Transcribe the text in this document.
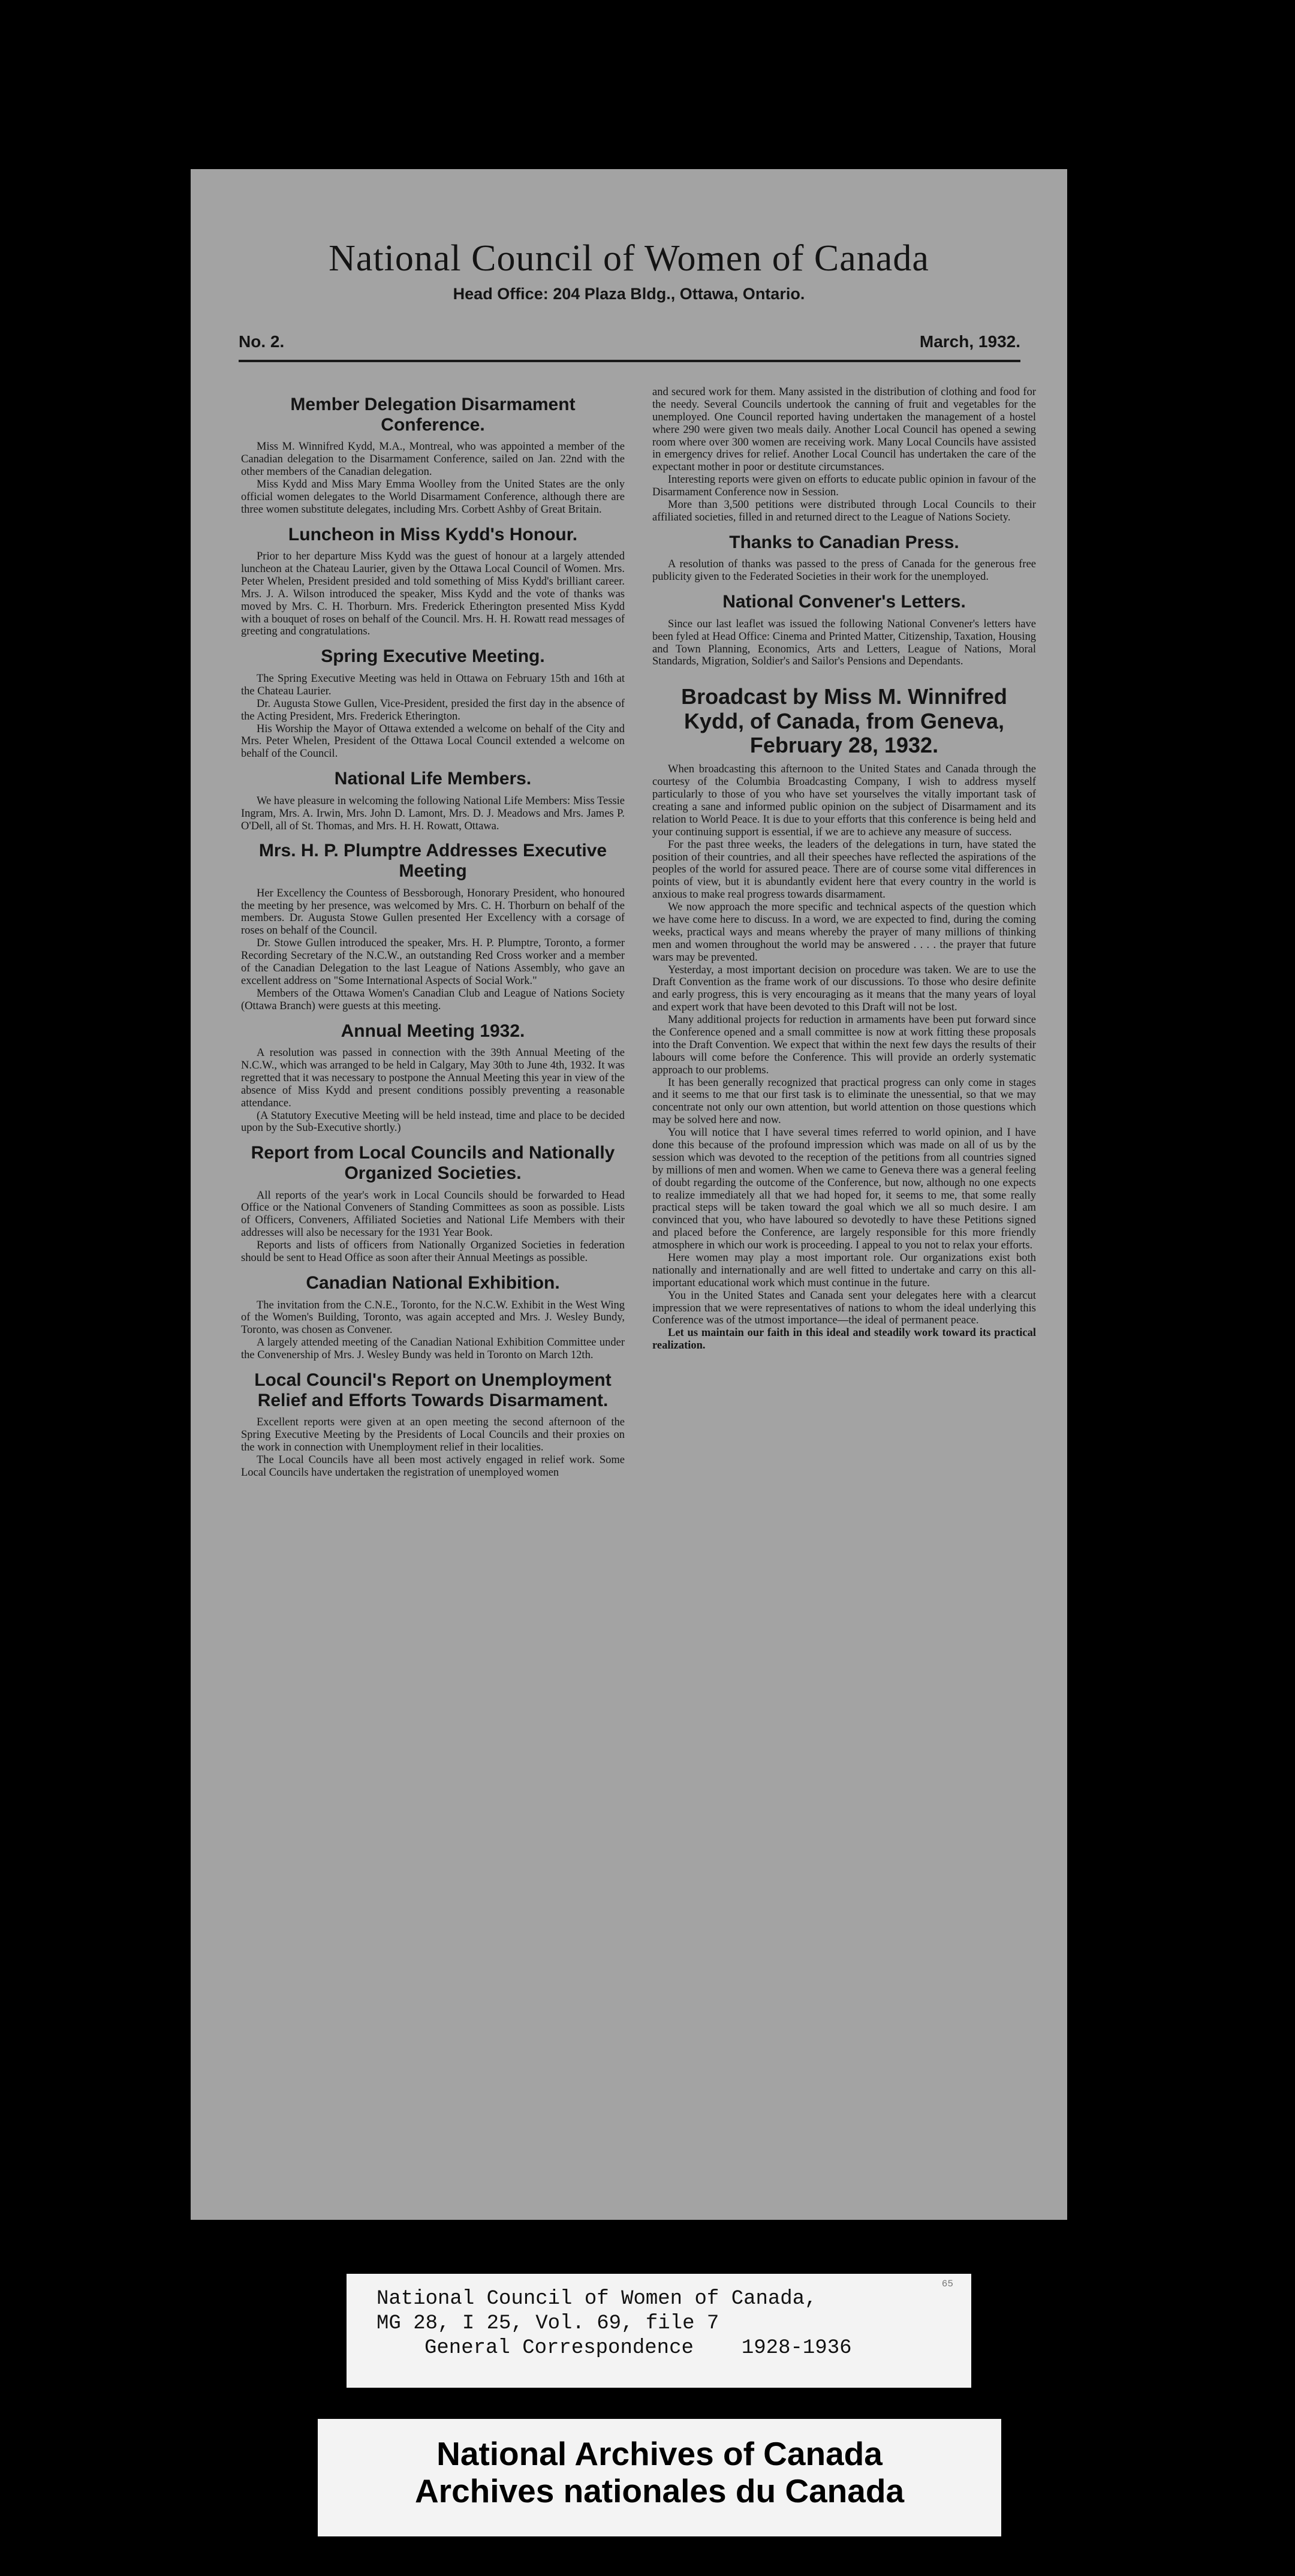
National Council of Women of Canada
Head Office: 204 Plaza Bldg., Ottawa, Ontario.
No. 2.	March, 1932.
Member Delegation Disarmament Conference.

Miss M. Winnifred Kydd, M.A., Montreal, who was appointed a member of the Canadian delegation to the Disarmament Conference, sailed on Jan. 22nd with the other members of the Canadian delegation.

Miss Kydd and Miss Mary Emma Woolley from the United States are the only official women delegates to the World Disarmament Conference, although there are three women substitute delegates, including Mrs. Corbett Ashby of Great Britain.

Luncheon in Miss Kydd's Honour.

Prior to her departure Miss Kydd was the guest of honour at a largely attended luncheon at the Chateau Laurier, given by the Ottawa Local Council of Women. Mrs. Peter Whelen, President presided and told something of Miss Kydd's brilliant career. Mrs. J. A. Wilson introduced the speaker, Miss Kydd and the vote of thanks was moved by Mrs. C. H. Thorburn. Mrs. Frederick Etherington presented Miss Kydd with a bouquet of roses on behalf of the Council. Mrs. H. H. Rowatt read messages of greeting and congratulations.

Spring Executive Meeting.

The Spring Executive Meeting was held in Ottawa on February 15th and 16th at the Chateau Laurier.

Dr. Augusta Stowe Gullen, Vice-President, presided the first day in the absence of the Acting President, Mrs. Frederick Etherington.

His Worship the Mayor of Ottawa extended a welcome on behalf of the City and Mrs. Peter Whelen, President of the Ottawa Local Council extended a welcome on behalf of the Council.

National Life Members.

We have pleasure in welcoming the following National Life Members: Miss Tessie Ingram, Mrs. A. Irwin, Mrs. John D. Lamont, Mrs. D. J. Meadows and Mrs. James P. O'Dell, all of St. Thomas, and Mrs. H. H. Rowatt, Ottawa.

Mrs. H. P. Plumptre Addresses Executive Meeting

Her Excellency the Countess of Bessborough, Honorary President, who honoured the meeting by her presence, was welcomed by Mrs. C. H. Thorburn on behalf of the members. Dr. Augusta Stowe Gullen presented Her Excellency with a corsage of roses on behalf of the Council.

Dr. Stowe Gullen introduced the speaker, Mrs. H. P. Plumptre, Toronto, a former Recording Secretary of the N.C.W., an outstanding Red Cross worker and a member of the Canadian Delegation to the last League of Nations Assembly, who gave an excellent address on "Some International Aspects of Social Work."

Members of the Ottawa Women's Canadian Club and League of Nations Society (Ottawa Branch) were guests at this meeting.

Annual Meeting 1932.

A resolution was passed in connection with the 39th Annual Meeting of the N.C.W., which was arranged to be held in Calgary, May 30th to June 4th, 1932. It was regretted that it was necessary to postpone the Annual Meeting this year in view of the absence of Miss Kydd and present conditions possibly preventing a reasonable attendance.

(A Statutory Executive Meeting will be held instead, time and place to be decided upon by the Sub-Executive shortly.)

Report from Local Councils and Nationally Organized Societies.

All reports of the year's work in Local Councils should be forwarded to Head Office or the National Conveners of Standing Committees as soon as possible. Lists of Officers, Conveners, Affiliated Societies and National Life Members with their addresses will also be necessary for the 1931 Year Book.

Reports and lists of officers from Nationally Organized Societies in federation should be sent to Head Office as soon after their Annual Meetings as possible.

Canadian National Exhibition.

The invitation from the C.N.E., Toronto, for the N.C.W. Exhibit in the West Wing of the Women's Building, Toronto, was again accepted and Mrs. J. Wesley Bundy, Toronto, was chosen as Convener.

A largely attended meeting of the Canadian National Exhibition Committee under the Convenership of Mrs. J. Wesley Bundy was held in Toronto on March 12th.

Local Council's Report on Unemployment Relief and Efforts Towards Disarmament.

Excellent reports were given at an open meeting the second afternoon of the Spring Executive Meeting by the Presidents of Local Councils and their proxies on the work in connection with Unemployment relief in their localities.

The Local Councils have all been most actively engaged in relief work. Some Local Councils have undertaken the registration of unemployed women

and secured work for them. Many assisted in the distribution of clothing and food for the needy. Several Councils undertook the canning of fruit and vegetables for the unemployed. One Council reported having undertaken the management of a hostel where 290 were given two meals daily. Another Local Council has opened a sewing room where over 300 women are receiving work. Many Local Councils have assisted in emergency drives for relief. Another Local Council has undertaken the care of the expectant mother in poor or destitute circumstances.

Interesting reports were given on efforts to educate public opinion in favour of the Disarmament Conference now in Session.

More than 3,500 petitions were distributed through Local Councils to their affiliated societies, filled in and returned direct to the League of Nations Society.

Thanks to Canadian Press.

A resolution of thanks was passed to the press of Canada for the generous free publicity given to the Federated Societies in their work for the unemployed.

National Convener's Letters.

Since our last leaflet was issued the following National Convener's letters have been fyled at Head Office: Cinema and Printed Matter, Citizenship, Taxation, Housing and Town Planning, Economics, Arts and Letters, League of Nations, Moral Standards, Migration, Soldier's and Sailor's Pensions and Dependants.

Broadcast by Miss M. Winnifred Kydd, of Canada, from Geneva, February 28, 1932.

When broadcasting this afternoon to the United States and Canada through the courtesy of the Columbia Broadcasting Company, I wish to address myself particularly to those of you who have set yourselves the vitally important task of creating a sane and informed public opinion on the subject of Disarmament and its relation to World Peace. It is due to your efforts that this conference is being held and your continuing support is essential, if we are to achieve any measure of success.

For the past three weeks, the leaders of the delegations in turn, have stated the position of their countries, and all their speeches have reflected the aspirations of the peoples of the world for assured peace. There are of course some vital differences in points of view, but it is abundantly evident here that every country in the world is anxious to make real progress towards disarmament.

We now approach the more specific and technical aspects of the question which we have come here to discuss. In a word, we are expected to find, during the coming weeks, practical ways and means whereby the prayer of many millions of thinking men and women throughout the world may be answered . . . . the prayer that future wars may be prevented.

Yesterday, a most important decision on procedure was taken. We are to use the Draft Convention as the frame work of our discussions. To those who desire definite and early progress, this is very encouraging as it means that the many years of loyal and expert work that have been devoted to this Draft will not be lost.

Many additional projects for reduction in armaments have been put forward since the Conference opened and a small committee is now at work fitting these proposals into the Draft Convention. We expect that within the next few days the results of their labours will come before the Conference. This will provide an orderly systematic approach to our problems.

It has been generally recognized that practical progress can only come in stages and it seems to me that our first task is to eliminate the unessential, so that we may concentrate not only our own attention, but world attention on those questions which may be solved here and now.

You will notice that I have several times referred to world opinion, and I have done this because of the profound impression which was made on all of us by the session which was devoted to the reception of the petitions from all countries signed by millions of men and women. When we came to Geneva there was a general feeling of doubt regarding the outcome of the Conference, but now, although no one expects to realize immediately all that we had hoped for, it seems to me, that some really practical steps will be taken toward the goal which we all so much desire. I am convinced that you, who have laboured so devotedly to have these Petitions signed and placed before the Conference, are largely responsible for this more friendly atmosphere in which our work is proceeding. I appeal to you not to relax your efforts.

Here women may play a most important role. Our organizations exist both nationally and internationally and are well fitted to undertake and carry on this all-important educational work which must continue in the future.

You in the United States and Canada sent your delegates here with a clearcut impression that we were representatives of nations to whom the ideal underlying this Conference was of the utmost importance—the ideal of permanent peace.

Let us maintain our faith in this ideal and steadily work toward its practical realization.

65
National Council of Women of Canada,
MG 28, I 25, Vol. 69, file 7
General Correspondence 1928-1936
National Archives of Canada
Archives nationales du Canada
